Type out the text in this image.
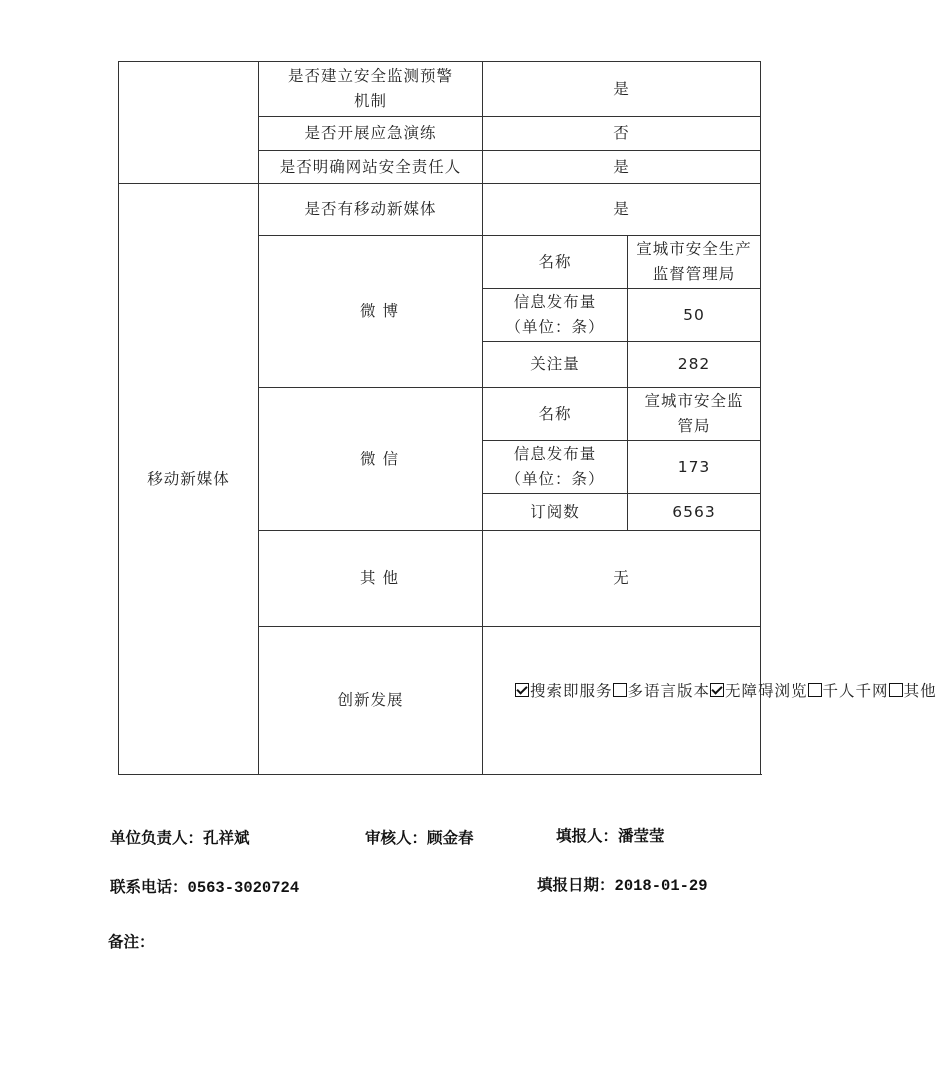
	是否建立安全监测预警机制	是	
	是否开展应急演练	否	
	是否明确网站安全责任人	是	
移动新媒体	是否有移动新媒体	是	
	微 博	名称	宣城市安全生产监督管理局
		信息发布量（单位：条）	50
		关注量	282
	微 信	名称	宣城市安全监管局
		信息发布量（单位：条）	173
		订阅数	6563
	其 他	无	
	创新发展	搜索即服务 多语言版本 无障碍浏览 千人千网 其他	
单位负责人：孔祥斌	审核人：顾金春	填报人：潘莹莹
联系电话：0563-3020724	填报日期：2018-01-29
备注：
